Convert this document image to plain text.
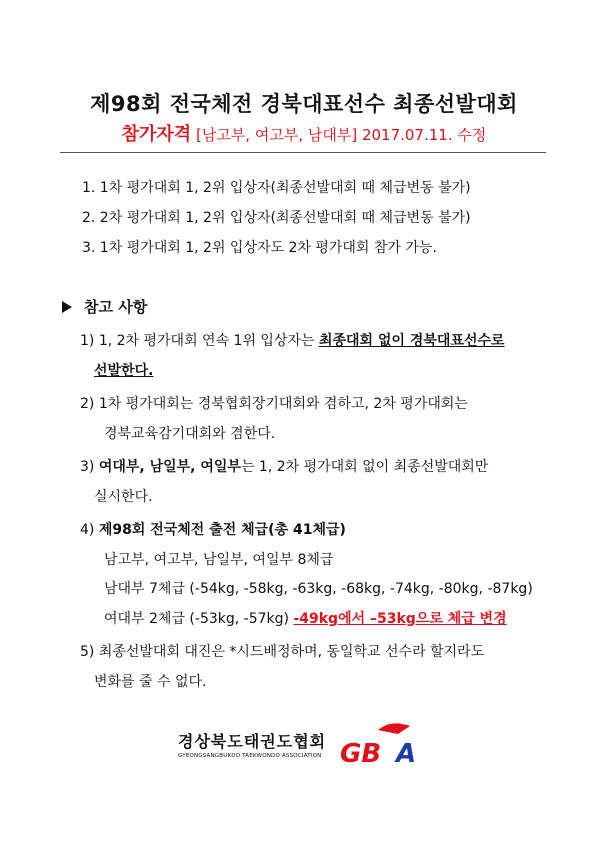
제98회 전국체전 경북대표선수 최종선발대회
참가자격 [남고부, 여고부, 남대부] 2017.07.11. 수정
1. 1차 평가대회 1, 2위 입상자(최종선발대회 때 체급변동 불가)
2. 2차 평가대회 1, 2위 입상자(최종선발대회 때 체급변동 불가)
3. 1차 평가대회 1, 2위 입상자도 2차 평가대회 참가 가능.
참고 사항
1) 1, 2차 평가대회 연속 1위 입상자는 최종대회 없이 경북대표선수로
선발한다.
2) 1차 평가대회는 경북협회장기대회와 겸하고, 2차 평가대회는
경북교육감기대회와 겸한다.
3) 여대부, 남일부, 여일부는 1, 2차 평가대회 없이 최종선발대회만
실시한다.
4) 제98회 전국체전 출전 체급(총 41체급)
남고부, 여고부, 남일부, 여일부 8체급
남대부 7체급 (-54kg, -58kg, -63kg, -68kg, -74kg, -80kg, -87kg)
여대부 2체급 (-53kg, -57kg) -49kg에서 –53kg으로 체급 변경
5) 최종선발대회 대진은 *시드배정하며, 동일학교 선수라 할지라도
변화를 줄 수 없다.
경상북도태권도협회
GYEONGSANGBUKDO TAEKWONDO ASSOCIATION GB A
